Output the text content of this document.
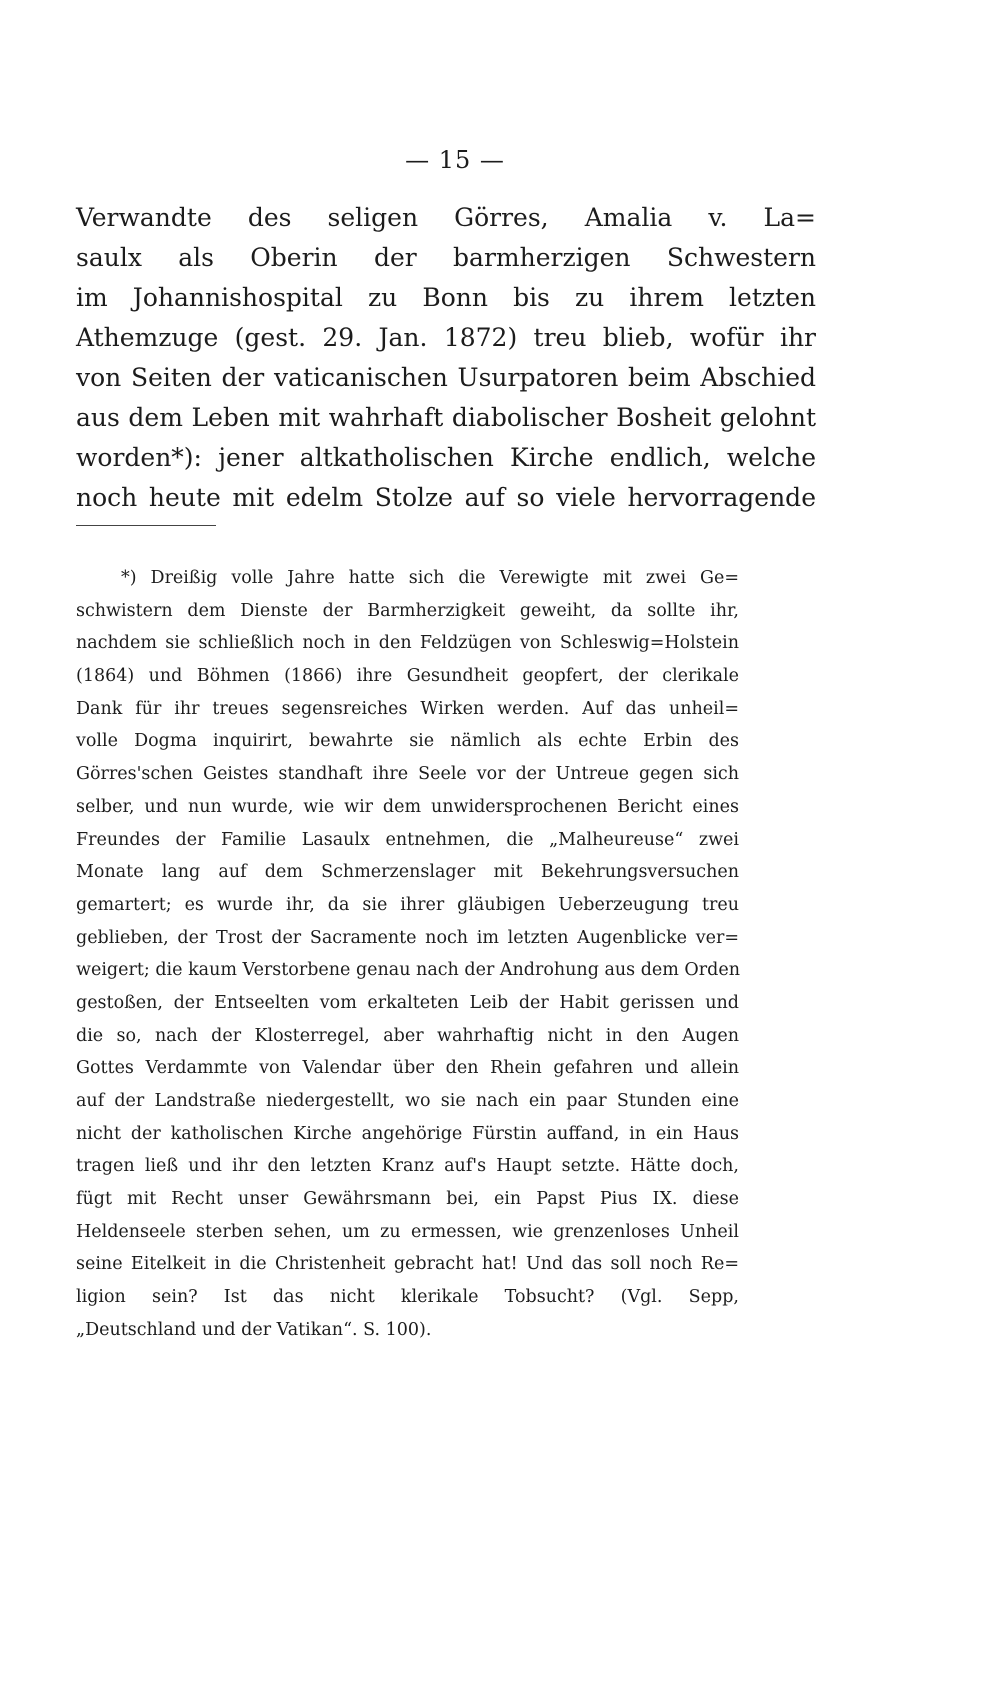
— 15 —
Verwandte des seligen Görres, Amalia v. La=
saulx als Oberin der barmherzigen Schwestern
im Johannishospital zu Bonn bis zu ihrem letzten
Athemzuge (gest. 29. Jan. 1872) treu blieb, wofür ihr
von Seiten der vaticanischen Usurpatoren beim Abschied
aus dem Leben mit wahrhaft diabolischer Bosheit gelohnt
worden*): jener altkatholischen Kirche endlich, welche
noch heute mit edelm Stolze auf so viele hervorragende
*) Dreißig volle Jahre hatte sich die Verewigte mit zwei Ge=
schwistern dem Dienste der Barmherzigkeit geweiht, da sollte ihr,
nachdem sie schließlich noch in den Feldzügen von Schleswig=Holstein
(1864) und Böhmen (1866) ihre Gesundheit geopfert, der clerikale
Dank für ihr treues segensreiches Wirken werden. Auf das unheil=
volle Dogma inquirirt, bewahrte sie nämlich als echte Erbin des
Görres'schen Geistes standhaft ihre Seele vor der Untreue gegen sich
selber, und nun wurde, wie wir dem unwidersprochenen Bericht eines
Freundes der Familie Lasaulx entnehmen, die „Malheureuse“ zwei
Monate lang auf dem Schmerzenslager mit Bekehrungsversuchen
gemartert; es wurde ihr, da sie ihrer gläubigen Ueberzeugung treu
geblieben, der Trost der Sacramente noch im letzten Augenblicke ver=
weigert; die kaum Verstorbene genau nach der Androhung aus dem Orden
gestoßen, der Entseelten vom erkalteten Leib der Habit gerissen und
die so, nach der Klosterregel, aber wahrhaftig nicht in den Augen
Gottes Verdammte von Valendar über den Rhein gefahren und allein
auf der Landstraße niedergestellt, wo sie nach ein paar Stunden eine
nicht der katholischen Kirche angehörige Fürstin auffand, in ein Haus
tragen ließ und ihr den letzten Kranz auf's Haupt setzte. Hätte doch,
fügt mit Recht unser Gewährsmann bei, ein Papst Pius IX. diese
Heldenseele sterben sehen, um zu ermessen, wie grenzenloses Unheil
seine Eitelkeit in die Christenheit gebracht hat! Und das soll noch Re=
ligion sein? Ist das nicht klerikale Tobsucht? (Vgl. Sepp,
„Deutschland und der Vatikan“. S. 100).
